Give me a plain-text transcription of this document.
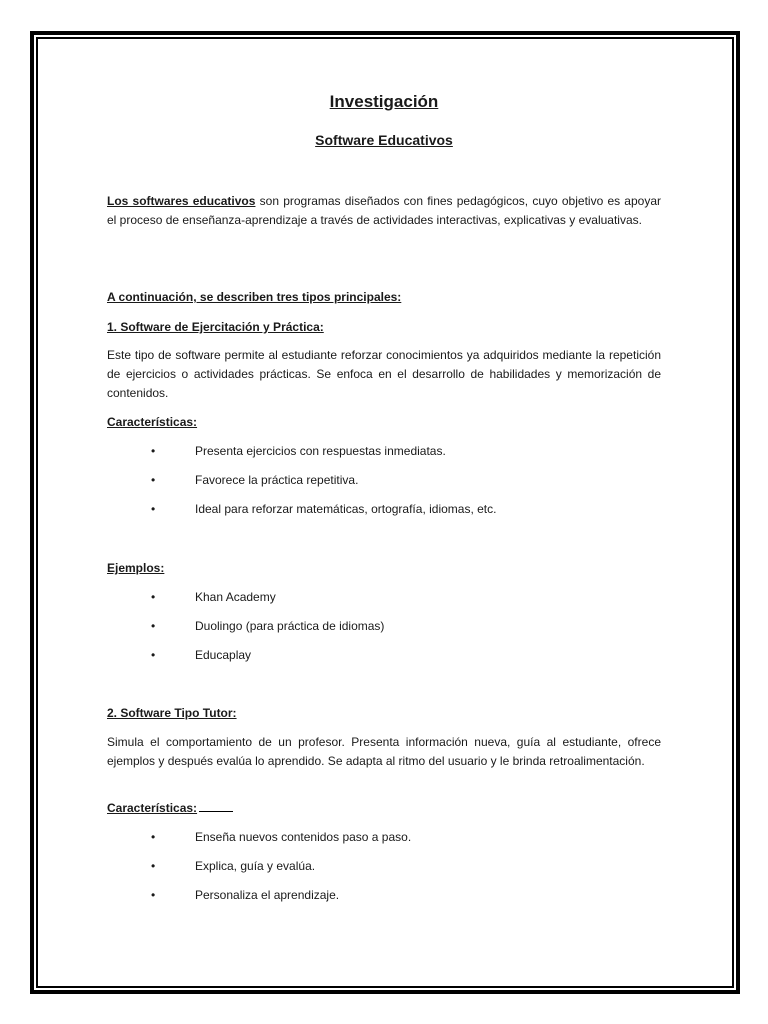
Investigación
Software Educativos
Los softwares educativos son programas diseñados con fines pedagógicos, cuyo objetivo es apoyar el proceso de enseñanza-aprendizaje a través de actividades interactivas, explicativas y evaluativas.
A continuación, se describen tres tipos principales:
1. Software de Ejercitación y Práctica:
Este tipo de software permite al estudiante reforzar conocimientos ya adquiridos mediante la repetición de ejercicios o actividades prácticas. Se enfoca en el desarrollo de habilidades y memorización de contenidos.
Características:
•	Presenta ejercicios con respuestas inmediatas.
•	Favorece la práctica repetitiva.
•	Ideal para reforzar matemáticas, ortografía, idiomas, etc.
Ejemplos:
•	Khan Academy
•	Duolingo (para práctica de idiomas)
•	Educaplay
2. Software Tipo Tutor:
Simula el comportamiento de un profesor. Presenta información nueva, guía al estudiante, ofrece ejemplos y después evalúa lo aprendido. Se adapta al ritmo del usuario y le brinda retroalimentación.
Características:
•	Enseña nuevos contenidos paso a paso.
•	Explica, guía y evalúa.
•	Personaliza el aprendizaje.
